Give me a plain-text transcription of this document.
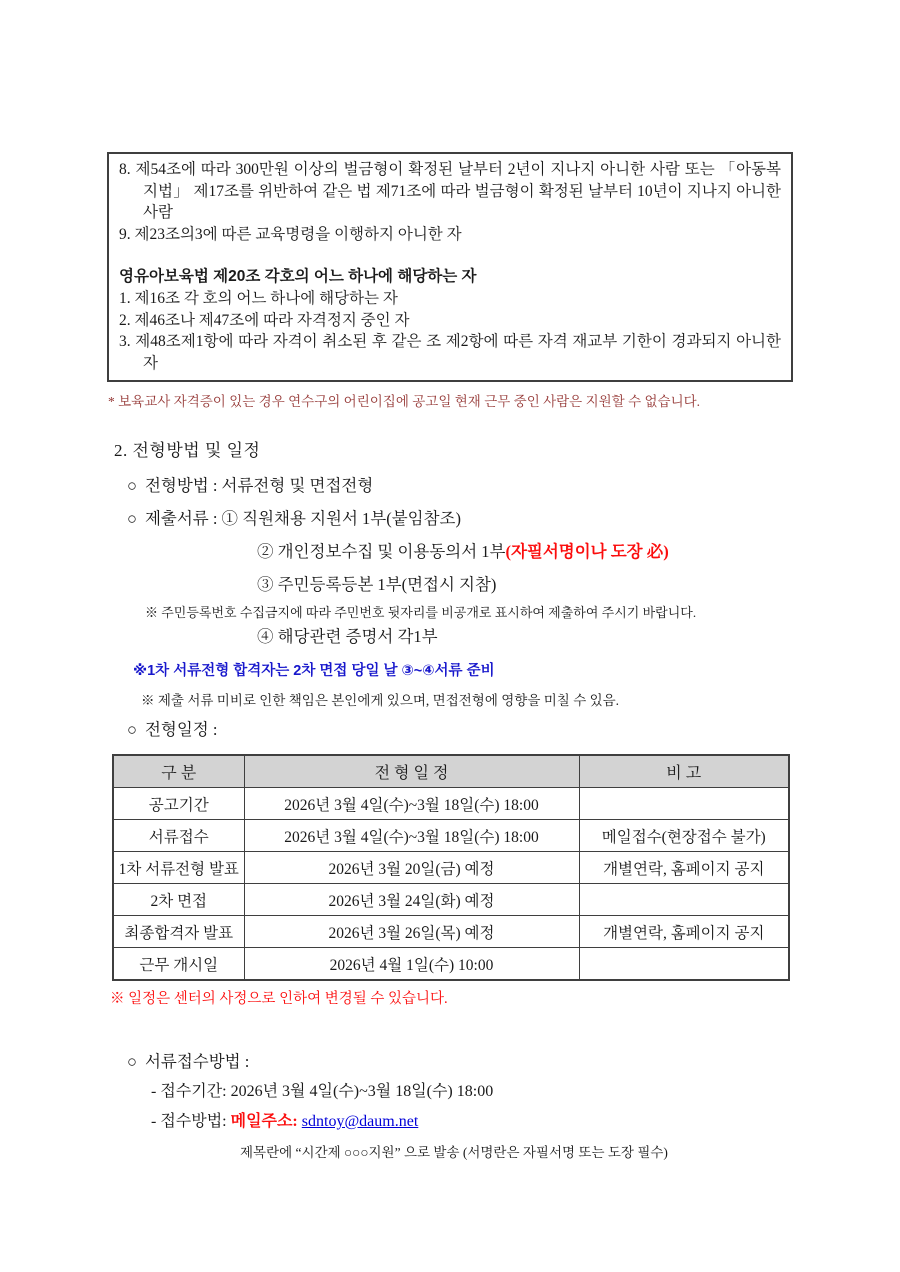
8. 제54조에 따라 300만원 이상의 벌금형이 확정된 날부터 2년이 지나지 아니한 사람 또는 「아동복지법」 제17조를 위반하여 같은 법 제71조에 따라 벌금형이 확정된 날부터 10년이 지나지 아니한 사람

9. 제23조의3에 따른 교육명령을 이행하지 아니한 자

영유아보육법 제20조 각호의 어느 하나에 해당하는 자

1. 제16조 각 호의 어느 하나에 해당하는 자

2. 제46조나 제47조에 따라 자격정지 중인 자

3. 제48조제1항에 따라 자격이 취소된 후 같은 조 제2항에 따른 자격 재교부 기한이 경과되지 아니한 자

* 보육교사 자격증이 있는 경우 연수구의 어린이집에 공고일 현재 근무 중인 사람은 지원할 수 없습니다.
2. 전형방법 및 일정
○ 전형방법 : 서류전형 및 면접전형
○ 제출서류 : ① 직원채용 지원서 1부(붙임참조)
② 개인정보수집 및 이용동의서 1부(자필서명이나 도장 必)
③ 주민등록등본 1부(면접시 지참)
※ 주민등록번호 수집금지에 따라 주민번호 뒷자리를 비공개로 표시하여 제출하여 주시기 바랍니다.
④ 해당관련 증명서 각1부
※1차 서류전형 합격자는 2차 면접 당일 날 ③~④서류 준비
※ 제출 서류 미비로 인한 책임은 본인에게 있으며, 면접전형에 영향을 미칠 수 있음.
○ 전형일정 :
구 분	전 형 일 정	비 고
공고기간	2026년 3월 4일(수)~3월 18일(수) 18:00	
서류접수	2026년 3월 4일(수)~3월 18일(수) 18:00	메일접수(현장접수 불가)
1차 서류전형 발표	2026년 3월 20일(금) 예정	개별연락, 홈페이지 공지
2차 면접	2026년 3월 24일(화) 예정	
최종합격자 발표	2026년 3월 26일(목) 예정	개별연락, 홈페이지 공지
근무 개시일	2026년 4월 1일(수) 10:00	
※ 일정은 센터의 사정으로 인하여 변경될 수 있습니다.
○ 서류접수방법 :
- 접수기간: 2026년 3월 4일(수)~3월 18일(수) 18:00
- 접수방법: 메일주소: sdntoy@daum.net
제목란에 “시간제 ○○○지원” 으로 발송 (서명란은 자필서명 또는 도장 필수)
